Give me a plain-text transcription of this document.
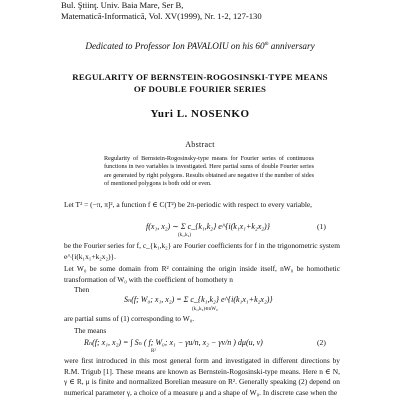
Bul. Ştiinţ. Univ. Baia Mare, Ser B,
Matematică-Informatică, Vol. XV(1999), Nr. 1-2, 127-130
Dedicated to Professor Ion PAVALOIU on his 60th anniversary
REGULARITY OF BERNSTEIN-ROGOSINSKI-TYPE MEANS
OF DOUBLE FOURIER SERIES
Yuri L. NOSENKO
Abstract
Regularity of Bernstein-Rogosinsky-type means for Fourier series of continuous functions in two variables is investigated. Here partial sums of double Fourier series are generated by right polygons. Results obtained are negative if the number of sides of mentioned polygons is both odd or even.
Let T² = (−π, π]², a function f ∈ C(T²) be 2π-periodic with respect to every variable,
f(x₁, x₂) ∼ Σ c_{k₁,k₂} e^{i(k₁x₁+k₂x₂)}
(k₁,k₂)
(1)
be the Fourier series for f, c_{k₁,k₂} are Fourier coefficients for f in the trigonometric system e^{i(k₁x₁+k₂x₂)}.
Let W₀ be some domain from R² containing the origin inside itself, nW₀ be homothetic transformation of W₀ with the coefficient of homothety n
Then
Sₙ(f; W₀; x₁, x₂) = Σ c_{k₁,k₂} e^{i(k₁x₁+k₂x₂)}
(k₁,k₂)∈nW₀
are partial sums of (1) corresponding to W₀.
The means
Rₙ(f; x₁, x₂) = ∫ Sₙ ( f; W₀; x₁ − γu/n, x₂ − γv/n ) dμ(u, v)
R²
(2)
were first introduced in this most general form and investigated in different directions by R.M. Trigub [1]. These means are known as Bernstein-Rogosinski-type means. Here n ∈ N, γ ∈ R, μ is finite and normalized Borelian measure on R². Generally speaking (2) depend on numerical parameter γ, a choice of a measure μ and a shape of W₀. In discrete case when the
